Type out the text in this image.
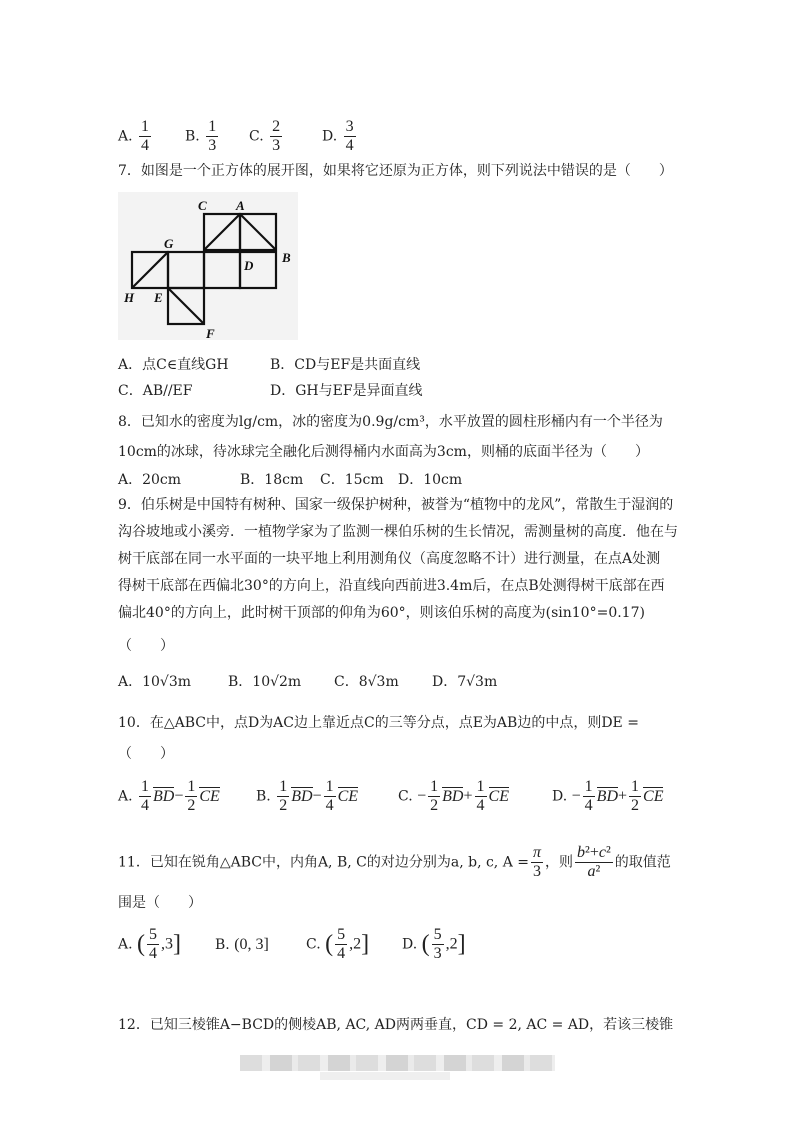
A. $\frac{1}{4} B$. $\frac{1}{3} C$. $\frac{2}{3}$	D. $\frac{3}{4}$
7．如图是一个正方体的展开图，如果将它还原为正方体，则下列说法中错误的是（　　）
C A
G
D
B
H E
F
A．点C∈直线GH	B．CD与EF是共面直线
C．AB//EF	D．GH与EF是异面直线
8．已知水的密度为lg/cm，冰的密度为0.9g/cm³，水平放置的圆柱形桶内有一个半径为
10cm的冰球，待冰球完全融化后测得桶内水面高为3cm，则桶的底面半径为（　　）
A．20cm	B．18cm C．15cm D．10cm
9．伯乐树是中国特有树种、国家一级保护树种，被誉为“植物中的龙风”，常散生于湿润的
沟谷坡地或小溪旁．一植物学家为了监测一棵伯乐树的生长情况，需测量树的高度．他在与
树干底部在同一水平面的一块平地上利用测角仪（高度忽略不计）进行测量，在点A处测
得树干底部在西偏北30°的方向上，沿直线向西前进3.4m后，在点B处测得树干底部在西
偏北40°的方向上，此时树干顶部的仰角为60°，则该伯乐树的高度为(sin10°=0.17)
（　　）
A．10√3m	B．10√2m C．8√3m D．7√3m
10．在△ABC中，点D为AC边上靠近点C的三等分点，点E为AB边的中点，则DE =
（　　）
A. $\frac{1}{4} BD- \frac{1}{2}$ CE	B. $\frac{1}{2} BD- \frac{1}{4}$ CE	C. − $\frac{1}{2} BD+ \frac{1}{4}$ CE	D. − $\frac{1}{4} BD+ \frac{1}{2}$ CE
11．已知在锐角△ABC中，内角A, B, C的对边分别为a, b, c, $A = \frac{\pi}{3}$ ，则 $\frac{\text{b²+c²}}{\text{a²}}$ 的取值范
围是（　　）
A. ( $\frac{5}{4} ,3$] B. (0, 3]	C. ( $\frac{5}{4} ,2$] D. ( $\frac{5}{3} ,2$]
12．已知三棱锥A−BCD的侧棱AB, AC, AD两两垂直，CD = 2, AC = AD，若该三棱锥
